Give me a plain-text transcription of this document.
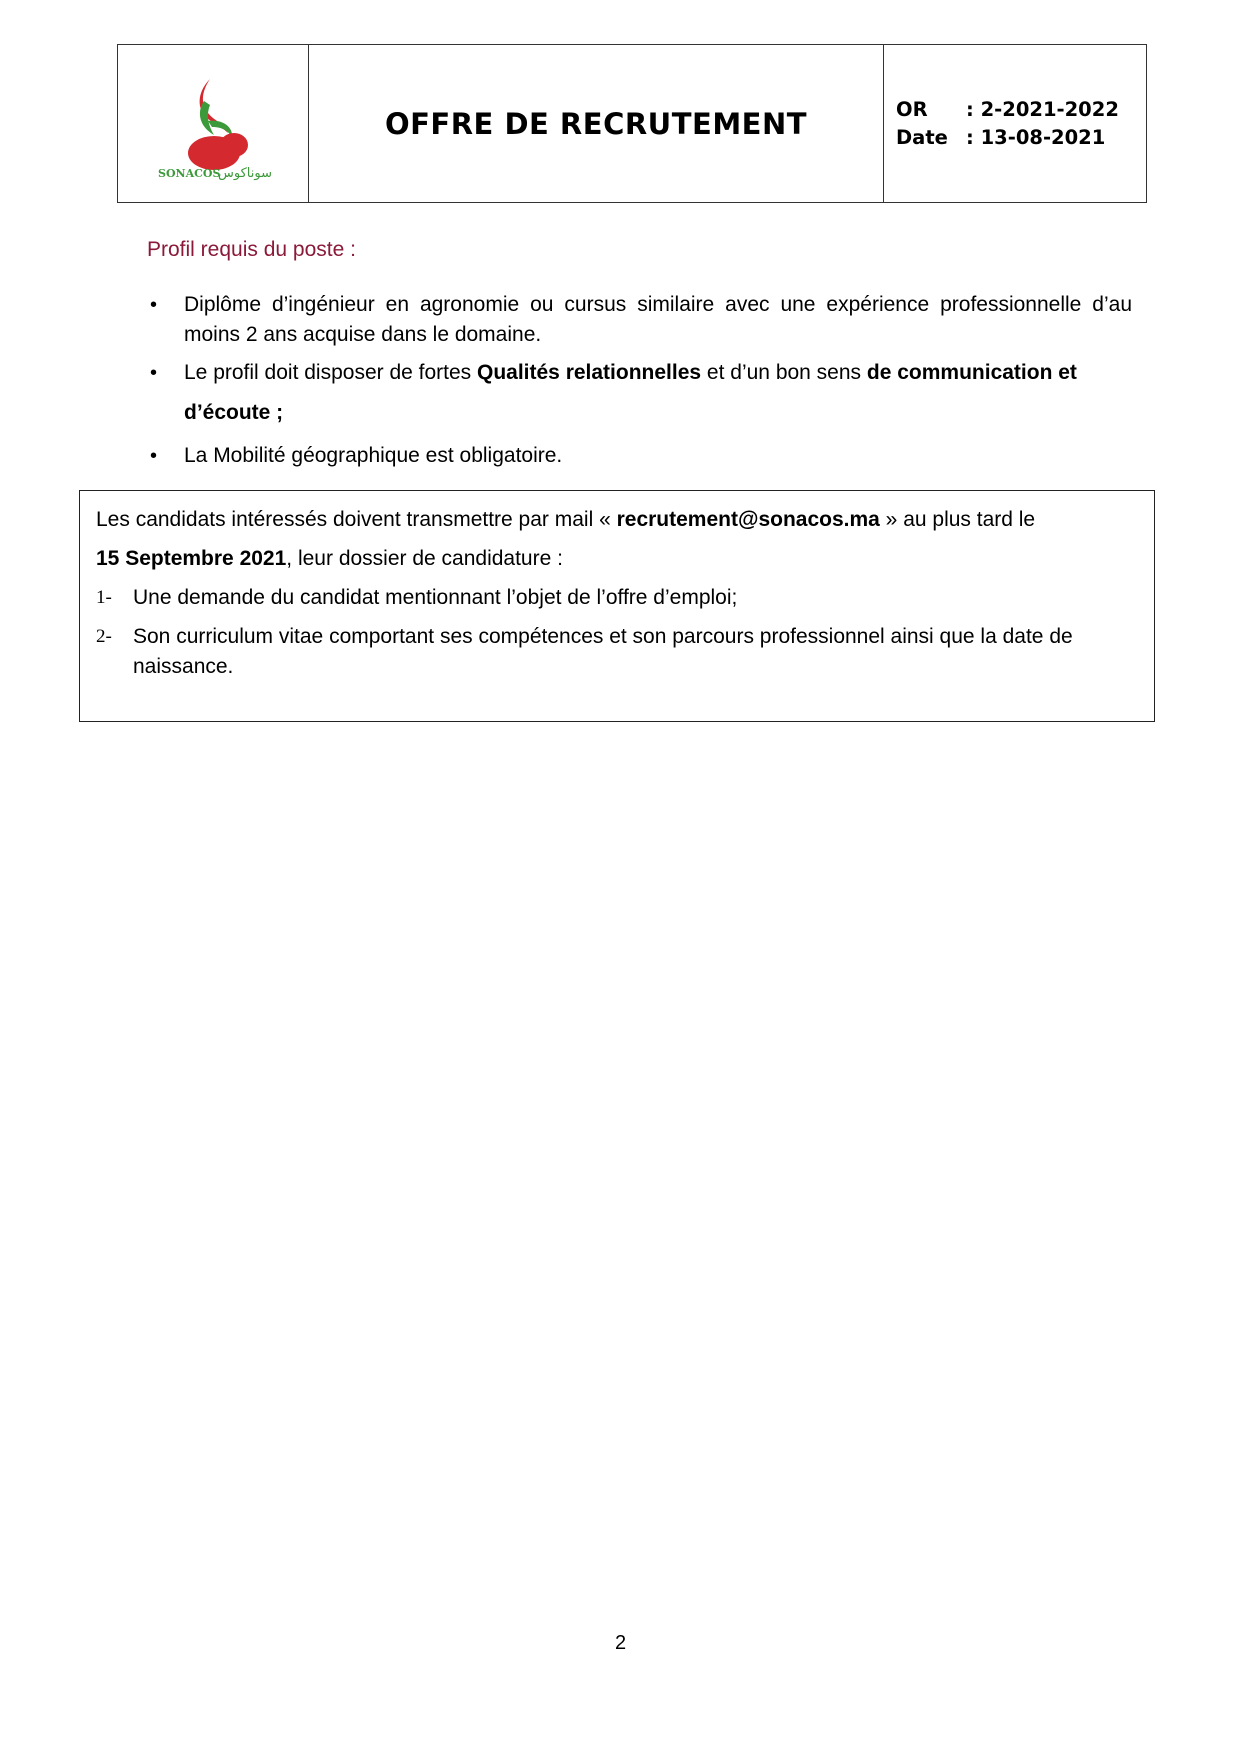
SONACOS
سوناكوس
	OFFRE DE RECRUTEMENT	OR	: 2-2021-2022
Date : 13-08-2021
Profil requis du poste :
• Diplôme d’ingénieur en agronomie ou cursus similaire avec une expérience professionnelle d’au moins 2 ans acquise dans le domaine.
• Le profil doit disposer de fortes Qualités relationnelles et d’un bon sens de communication et d’écoute ;
• La Mobilité géographique est obligatoire.

Les candidats intéressés doivent transmettre par mail « recrutement@sonacos.ma » au plus tard le

15 Septembre 2021, leur dossier de candidature :

1-	Une demande du candidat mentionnant l’objet de l’offre d’emploi;
2-	Son curriculum vitae comportant ses compétences et son parcours professionnel ainsi que la date de naissance.
2
